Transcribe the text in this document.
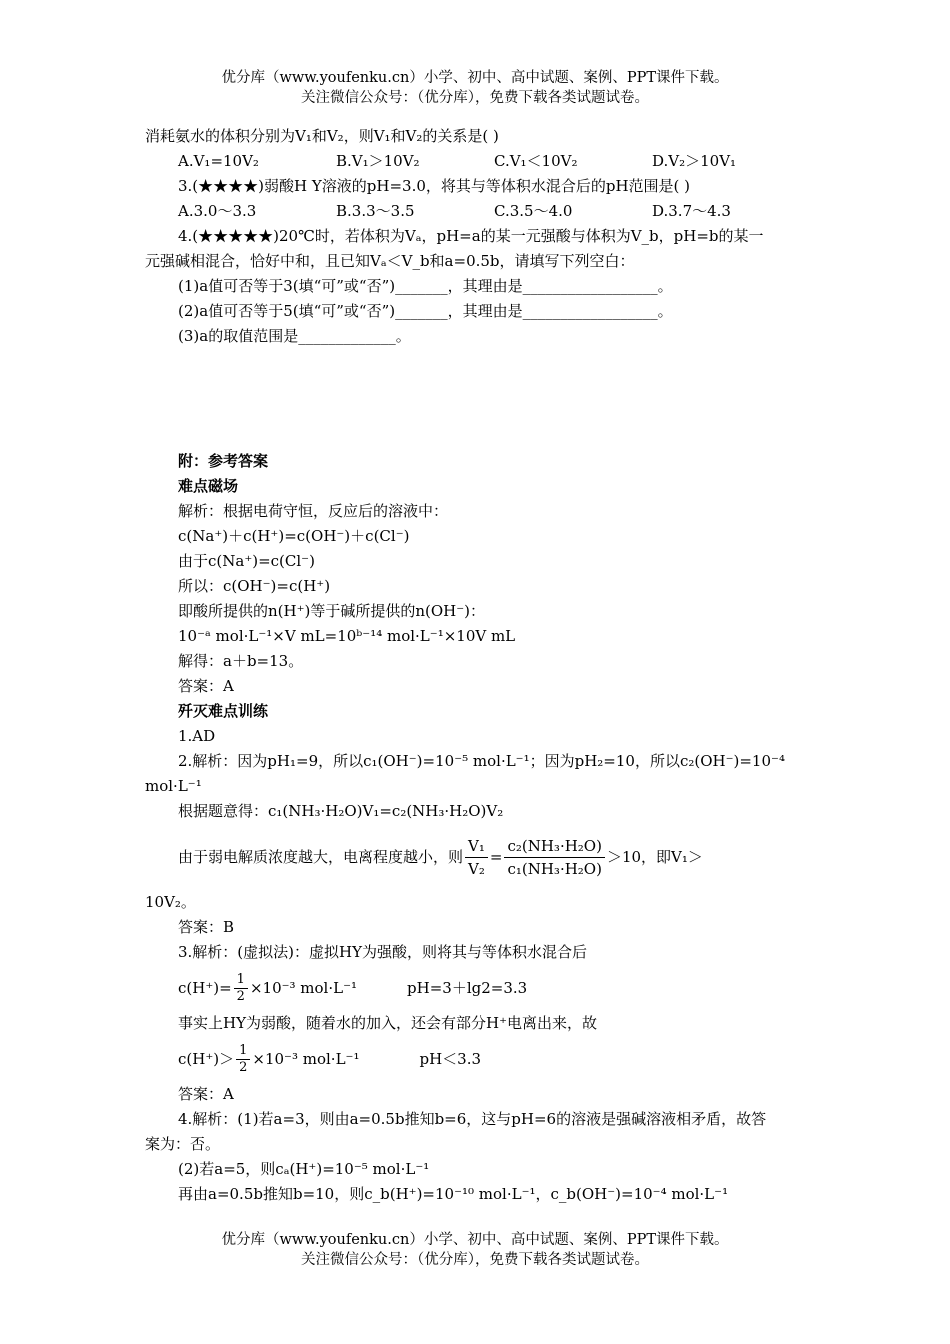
优分库（www.youfenku.cn）小学、初中、高中试题、案例、PPT课件下载。
关注微信公众号：（优分库），免费下载各类试题试卷。
消耗氨水的体积分别为V₁和V₂，则V₁和V₂的关系是( )
A.V₁=10V₂	B.V₁＞10V₂	C.V₁＜10V₂	D.V₂＞10V₁
3.(★★★★)弱酸H Y溶液的pH=3.0，将其与等体积水混合后的pH范围是( )
A.3.0～3.3	B.3.3～3.5	C.3.5～4.0	D.3.7～4.3
4.(★★★★★)20℃时，若体积为Vₐ，pH=a的某一元强酸与体积为V_b，pH=b的某一
元强碱相混合，恰好中和，且已知Vₐ＜V_b和a=0.5b，请填写下列空白：
(1)a值可否等于3(填“可”或“否”)_______，其理由是__________________。
(2)a值可否等于5(填“可”或“否”)_______，其理由是__________________。
(3)a的取值范围是_____________。
附：参考答案
难点磁场
解析：根据电荷守恒，反应后的溶液中：
c(Na⁺)＋c(H⁺)=c(OH⁻)＋c(Cl⁻)
由于c(Na⁺)=c(Cl⁻)
所以：c(OH⁻)=c(H⁺)
即酸所提供的n(H⁺)等于碱所提供的n(OH⁻)：
10⁻ᵃ mol·L⁻¹×V mL=10ᵇ⁻¹⁴ mol·L⁻¹×10V mL
解得：a＋b=13。
答案：A
歼灭难点训练
1.AD
2.解析：因为pH₁=9，所以c₁(OH⁻)=10⁻⁵ mol·L⁻¹；因为pH₂=10，所以c₂(OH⁻)=10⁻⁴
mol·L⁻¹
根据题意得：c₁(NH₃·H₂O)V₁=c₂(NH₃·H₂O)V₂
由于弱电解质浓度越大，电离程度越小，则 $\frac{\text{V₁}}{\text{V₂}} = \frac{\text{c₂(NH₃·H₂O)}}{\text{c₁(NH₃·H₂O)}} >10$，即V₁＞
10V₂。
答案：B
3.解析：(虚拟法)：虚拟HY为强酸，则将其与等体积水混合后
$c(H^+)= \frac{1}{2} \times 10^{-3}$ mol·L⁻¹	pH=3＋lg2=3.3
事实上HY为弱酸，随着水的加入，还会有部分H⁺电离出来，故
$c(H^+)> \frac{1}{2} \times 10^{-3}$ mol·L⁻¹	pH＜3.3
答案：A
4.解析：(1)若a=3，则由a=0.5b推知b=6，这与pH=6的溶液是强碱溶液相矛盾，故答
案为：否。
(2)若a=5，则cₐ(H⁺)=10⁻⁵ mol·L⁻¹
再由a=0.5b推知b=10，则c_b(H⁺)=10⁻¹⁰ mol·L⁻¹，c_b(OH⁻)=10⁻⁴ mol·L⁻¹
优分库（www.youfenku.cn）小学、初中、高中试题、案例、PPT课件下载。
关注微信公众号：（优分库），免费下载各类试题试卷。
